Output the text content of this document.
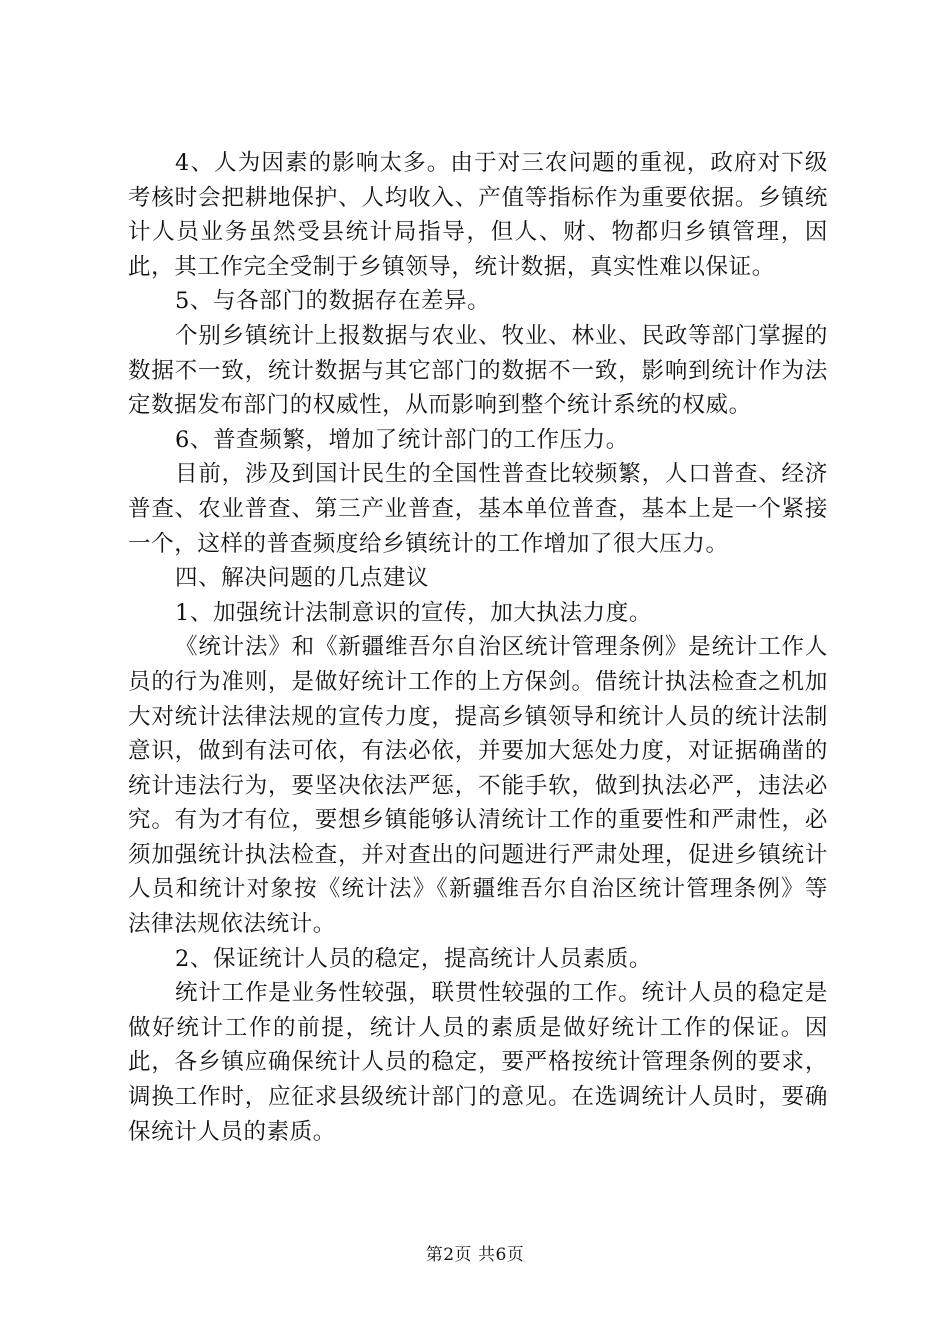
4、人为因素的影响太多。由于对三农问题的重视，政府对下级考核时会把耕地保护、人均收入、产值等指标作为重要依据。乡镇统计人员业务虽然受县统计局指导，但人、财、物都归乡镇管理，因此，其工作完全受制于乡镇领导，统计数据，真实性难以保证。

5、与各部门的数据存在差异。

个别乡镇统计上报数据与农业、牧业、林业、民政等部门掌握的数据不一致，统计数据与其它部门的数据不一致，影响到统计作为法定数据发布部门的权威性，从而影响到整个统计系统的权威。

6、普查频繁，增加了统计部门的工作压力。

目前，涉及到国计民生的全国性普查比较频繁，人口普查、经济普查、农业普查、第三产业普查，基本单位普查，基本上是一个紧接一个，这样的普查频度给乡镇统计的工作增加了很大压力。

四、解决问题的几点建议

1、加强统计法制意识的宣传，加大执法力度。

《统计法》和《新疆维吾尔自治区统计管理条例》是统计工作人员的行为准则，是做好统计工作的上方保剑。借统计执法检查之机加大对统计法律法规的宣传力度，提高乡镇领导和统计人员的统计法制意识，做到有法可依，有法必依，并要加大惩处力度，对证据确凿的统计违法行为，要坚决依法严惩，不能手软，做到执法必严，违法必究。有为才有位，要想乡镇能够认清统计工作的重要性和严肃性，必须加强统计执法检查，并对查出的问题进行严肃处理，促进乡镇统计人员和统计对象按《统计法》《新疆维吾尔自治区统计管理条例》等法律法规依法统计。

2、保证统计人员的稳定，提高统计人员素质。

统计工作是业务性较强，联贯性较强的工作。统计人员的稳定是做好统计工作的前提，统计人员的素质是做好统计工作的保证。因此，各乡镇应确保统计人员的稳定，要严格按统计管理条例的要求，调换工作时，应征求县级统计部门的意见。在选调统计人员时，要确保统计人员的素质。

第2页 共6页
